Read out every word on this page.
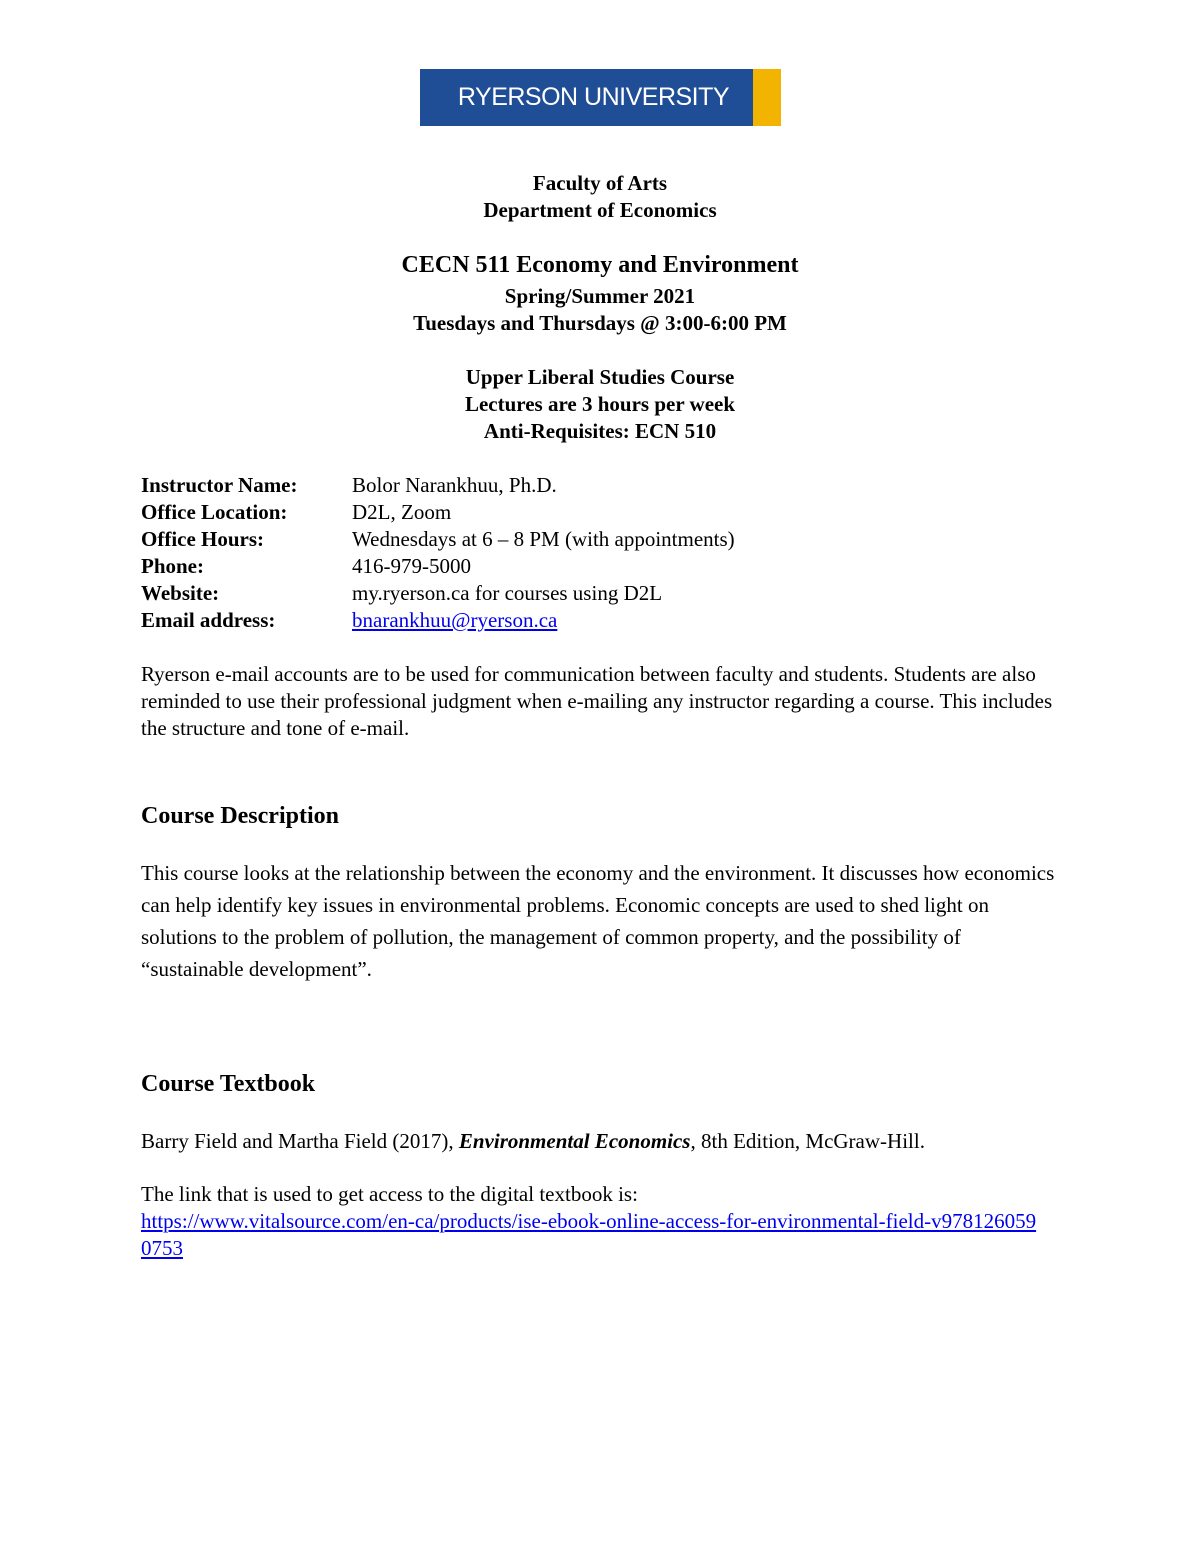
RYERSON UNIVERSITY
Faculty of Arts
Department of Economics
CECN 511 Economy and Environment
Spring/Summer 2021
Tuesdays and Thursdays @ 3:00-6:00 PM
Upper Liberal Studies Course
Lectures are 3 hours per week
Anti-Requisites: ECN 510
Instructor Name:	Bolor Narankhuu, Ph.D.
Office Location:	D2L, Zoom
Office Hours:	Wednesdays at 6 – 8 PM (with appointments)
Phone:	416-979-5000
Website:	my.ryerson.ca for courses using D2L
Email address:	bnarankhuu@ryerson.ca
Ryerson e-mail accounts are to be used for communication between faculty and students. Students are also reminded to use their professional judgment when e-mailing any instructor regarding a course. This includes the structure and tone of e-mail.
Course Description
This course looks at the relationship between the economy and the environment. It discusses how economics can help identify key issues in environmental problems. Economic concepts are used to shed light on solutions to the problem of pollution, the management of common property, and the possibility of “sustainable development”.
Course Textbook
Barry Field and Martha Field (2017), Environmental Economics, 8th Edition, McGraw-Hill.
The link that is used to get access to the digital textbook is:
https://www.vitalsource.com/en-ca/products/ise-ebook-online-access-for-environmental-field-v9781260590753
